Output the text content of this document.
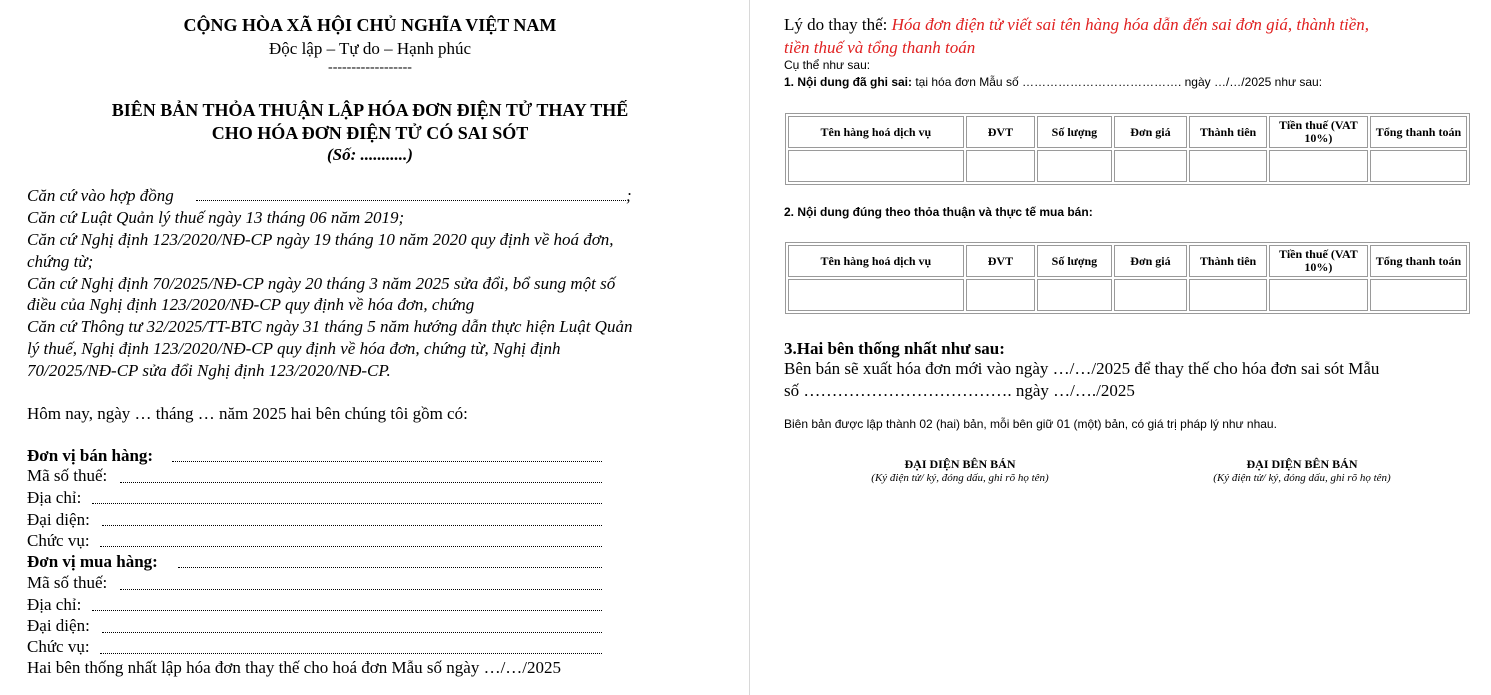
CỘNG HÒA XÃ HỘI CHỦ NGHĨA VIỆT NAM
Độc lập – Tự do – Hạnh phúc
------------------
BIÊN BẢN THỎA THUẬN LẬP HÓA ĐƠN ĐIỆN TỬ THAY THẾ
CHO HÓA ĐƠN ĐIỆN TỬ CÓ SAI SÓT
(Số: ...........)
Căn cứ vào hợp đồng	;
Căn cứ Luật Quản lý thuế ngày 13 tháng 06 năm 2019;
Căn cứ Nghị định 123/2020/NĐ-CP ngày 19 tháng 10 năm 2020 quy định về hoá đơn,
chứng từ;
Căn cứ Nghị định 70/2025/NĐ-CP ngày 20 tháng 3 năm 2025 sửa đổi, bổ sung một số
điều của Nghị định 123/2020/NĐ-CP quy định về hóa đơn, chứng
Căn cứ Thông tư 32/2025/TT-BTC ngày 31 tháng 5 năm hướng dẫn thực hiện Luật Quản
lý thuế, Nghị định 123/2020/NĐ-CP quy định về hóa đơn, chứng từ, Nghị định
70/2025/NĐ-CP sửa đổi Nghị định 123/2020/NĐ-CP.
Hôm nay, ngày … tháng … năm 2025 hai bên chúng tôi gồm có:
Đơn vị bán hàng:
Mã số thuế:
Địa chỉ:
Đại diện:
Chức vụ:
Đơn vị mua hàng:
Mã số thuế:
Địa chỉ:
Đại diện:
Chức vụ:
Hai bên thống nhất lập hóa đơn thay thế cho hoá đơn Mẫu số ngày …/…/2025
Lý do thay thế: Hóa đơn điện tử viết sai tên hàng hóa dẫn đến sai đơn giá, thành tiền,
tiền thuế và tổng thanh toán
Cụ thể như sau:
1. Nội dung đã ghi sai: tại hóa đơn Mẫu số …………………………………. ngày …/…/2025 như sau:
Tên hàng hoá dịch vụ	ĐVT	Số lượng	Đơn giá	Thành tiên	Tiền thuế (VAT 10%)	Tổng thanh toán

2. Nội dung đúng theo thỏa thuận và thực tế mua bán:
Tên hàng hoá dịch vụ	ĐVT	Số lượng	Đơn giá	Thành tiên	Tiền thuế (VAT 10%)	Tổng thanh toán

3.Hai bên thống nhất như sau:
Bên bán sẽ xuất hóa đơn mới vào ngày …/…/2025 để thay thế cho hóa đơn sai sót Mẫu
số ………………………………. ngày …/…./2025
Biên bản được lập thành 02 (hai) bản, mỗi bên giữ 01 (một) bản, có giá trị pháp lý như nhau.
ĐẠI DIỆN BÊN BÁN
(Ký điện tử/ ký, đóng dấu, ghi rõ họ tên)
ĐẠI DIỆN BÊN BÁN
(Ký điện tử/ ký, đóng dấu, ghi rõ họ tên)
